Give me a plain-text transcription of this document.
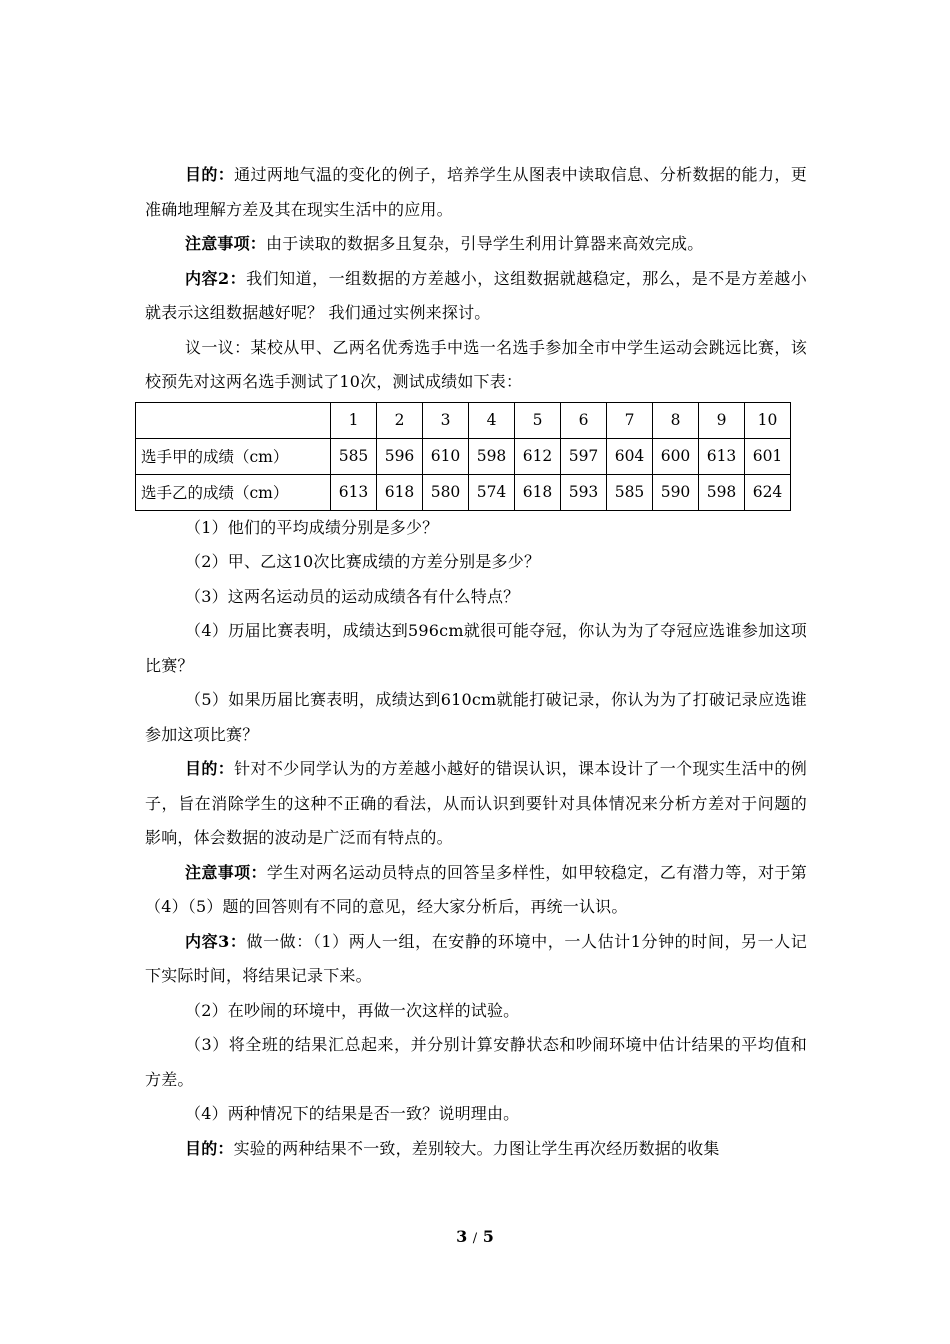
目的：通过两地气温的变化的例子，培养学生从图表中读取信息、分析数据的能力，更准确地理解方差及其在现实生活中的应用。

注意事项：由于读取的数据多且复杂，引导学生利用计算器来高效完成。

内容2：我们知道，一组数据的方差越小，这组数据就越稳定，那么，是不是方差越小就表示这组数据越好呢？ 我们通过实例来探讨。

议一议：某校从甲、乙两名优秀选手中选一名选手参加全市中学生运动会跳远比赛，该校预先对这两名选手测试了10次，测试成绩如下表：

	1	2	3	4	5	6	7	8	9	10
选手甲的成绩（cm）	585	596	610	598	612	597	604	600	613	601
选手乙的成绩（cm）	613	618	580	574	618	593	585	590	598	624

（1）他们的平均成绩分别是多少？

（2）甲、乙这10次比赛成绩的方差分别是多少？

（3）这两名运动员的运动成绩各有什么特点？

（4）历届比赛表明，成绩达到596cm就很可能夺冠，你认为为了夺冠应选谁参加这项比赛？

（5）如果历届比赛表明，成绩达到610cm就能打破记录，你认为为了打破记录应选谁参加这项比赛？

目的：针对不少同学认为的方差越小越好的错误认识，课本设计了一个现实生活中的例子，旨在消除学生的这种不正确的看法，从而认识到要针对具体情况来分析方差对于问题的影响，体会数据的波动是广泛而有特点的。

注意事项：学生对两名运动员特点的回答呈多样性，如甲较稳定，乙有潜力等，对于第（4）（5）题的回答则有不同的意见，经大家分析后，再统一认识。

内容3：做一做：（1）两人一组，在安静的环境中，一人估计1分钟的时间，另一人记下实际时间，将结果记录下来。

（2）在吵闹的环境中，再做一次这样的试验。

（3）将全班的结果汇总起来，并分别计算安静状态和吵闹环境中估计结果的平均值和方差。

（4）两种情况下的结果是否一致？说明理由。

目的：实验的两种结果不一致，差别较大。力图让学生再次经历数据的收集

3 / 5
